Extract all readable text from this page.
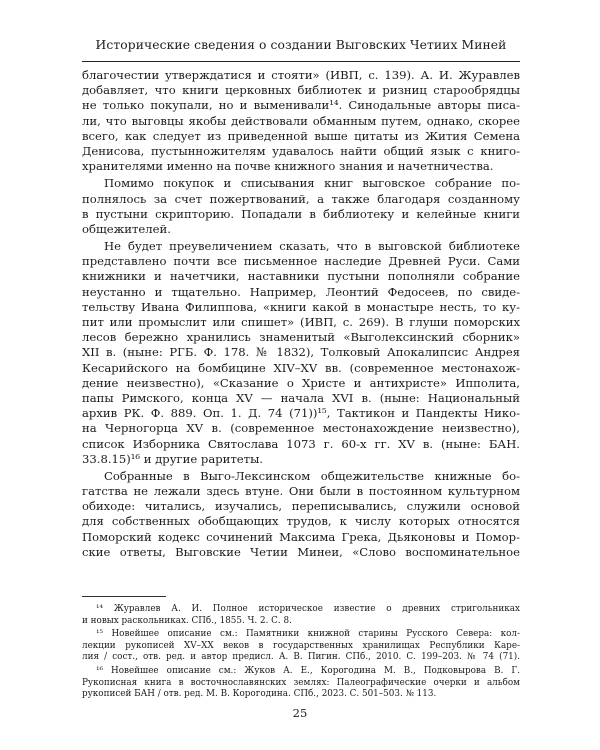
Исторические сведения о создании Выговских Четиих Миней
благочестии утверждатися и стояти» (ИВП, с. 139). А. И. Журавлев
добавляет, что книги церковных библиотек и ризниц старообрядцы
не только покупали, но и выменивали¹⁴. Синодальные авторы писа-
ли, что выговцы якобы действовали обманным путем, однако, скорее
всего, как следует из приведенной выше цитаты из Жития Семена
Денисова, пустынножителям удавалось найти общий язык с книго-
хранителями именно на почве книжного знания и начетничества.
Помимо покупок и списывания книг выговское собрание по-
полнялось за счет пожертвований, а также благодаря созданному
в пустыни скрипторию. Попадали в библиотеку и келейные книги
общежителей.
Не будет преувеличением сказать, что в выговской библиотеке
представлено почти все письменное наследие Древней Руси. Сами
книжники и начетчики, наставники пустыни пополняли собрание
неустанно и тщательно. Например, Леонтий Федосеев, по свиде-
тельству Ивана Филиппова, «книги какой в монастыре несть, то ку-
пит или промыслит или спишет» (ИВП, с. 269). В глуши поморских
лесов бережно хранились знаменитый «Выголексинский сборник»
XII в. (ныне: РГБ. Ф. 178. № 1832), Толковый Апокалипсис Андрея
Кесарийского на бомбицине XIV–XV вв. (современное местонахож-
дение неизвестно), «Сказание о Христе и антихристе» Ипполита,
папы Римского, конца XV — начала XVI в. (ныне: Национальный
архив РК. Ф. 889. Оп. 1. Д. 74 (71))¹⁵, Тактикон и Пандекты Нико-
на Черногорца XV в. (современное местонахождение неизвестно),
список Изборника Святослава 1073 г. 60-х гг. XV в. (ныне: БАН.
33.8.15)¹⁶ и другие раритеты.
Собранные в Выго-Лексинском общежительстве книжные бо-
гатства не лежали здесь втуне. Они были в постоянном культурном
обиходе: читались, изучались, переписывались, служили основой
для собственных обобщающих трудов, к числу которых относятся
Поморский кодекс сочинений Максима Грека, Дьяконовы и Помор-
ские ответы, Выговские Четии Минеи, «Слово воспоминательное
¹⁴ Журавлев А. И. Полное историческое известие о древних стригольниках
и новых раскольниках. СПб., 1855. Ч. 2. С. 8.
¹⁵ Новейшее описание см.: Памятники книжной старины Русского Севера: кол-
лекции рукописей XV–XX веков в государственных хранилищах Республики Каре-
лия / сост., отв. ред. и автор предисл. А. В. Пигин. СПб., 2010. С. 199–203. № 74 (71).
¹⁶ Новейшее описание см.: Жуков А. Е., Корогодина М. В., Подковырова В. Г.
Рукописная книга в восточнославянских землях: Палеографические очерки и альбом
рукописей БАН / отв. ред. М. В. Корогодина. СПб., 2023. С. 501–503. № 113.
25
